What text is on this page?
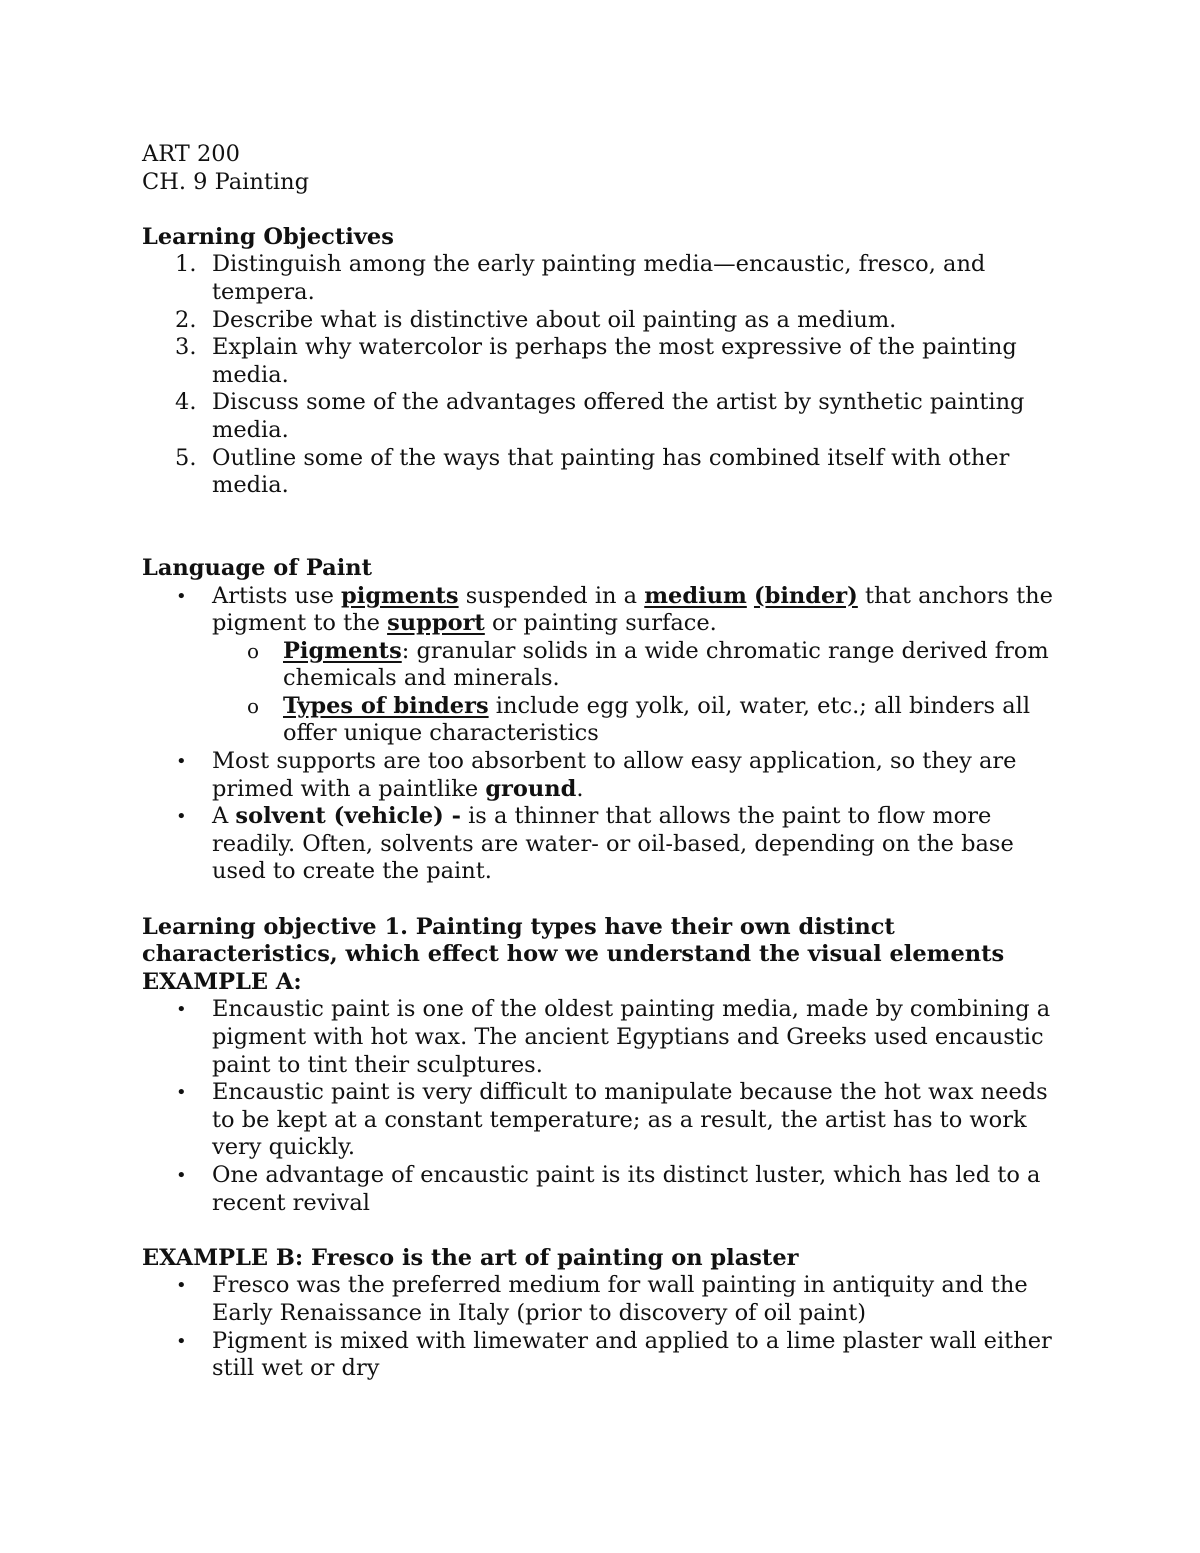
ART 200

CH. 9 Painting

Learning Objectives

1. Distinguish among the early painting media—encaustic, fresco, and tempera.
2. Describe what is distinctive about oil painting as a medium.
3. Explain why watercolor is perhaps the most expressive of the painting media.
4. Discuss some of the advantages offered the artist by synthetic painting media.
5. Outline some of the ways that painting has combined itself with other media.

Language of Paint

• Artists use pigments suspended in a medium (binder) that anchors the pigment to the support or painting surface.
o Pigments: granular solids in a wide chromatic range derived from chemicals and minerals.
o Types of binders include egg yolk, oil, water, etc.; all binders all offer unique characteristics
• Most supports are too absorbent to allow easy application, so they are primed with a paintlike ground.
• A solvent (vehicle) - is a thinner that allows the paint to flow more readily. Often, solvents are water- or oil-based, depending on the base used to create the paint.

Learning objective 1. Painting types have their own distinct characteristics, which effect how we understand the visual elements

EXAMPLE A:

• Encaustic paint is one of the oldest painting media, made by combining a pigment with hot wax. The ancient Egyptians and Greeks used encaustic paint to tint their sculptures.
• Encaustic paint is very difficult to manipulate because the hot wax needs to be kept at a constant temperature; as a result, the artist has to work very quickly.
• One advantage of encaustic paint is its distinct luster, which has led to a recent revival

EXAMPLE B: Fresco is the art of painting on plaster

• Fresco was the preferred medium for wall painting in antiquity and the Early Renaissance in Italy (prior to discovery of oil paint)
• Pigment is mixed with limewater and applied to a lime plaster wall either still wet or dry
